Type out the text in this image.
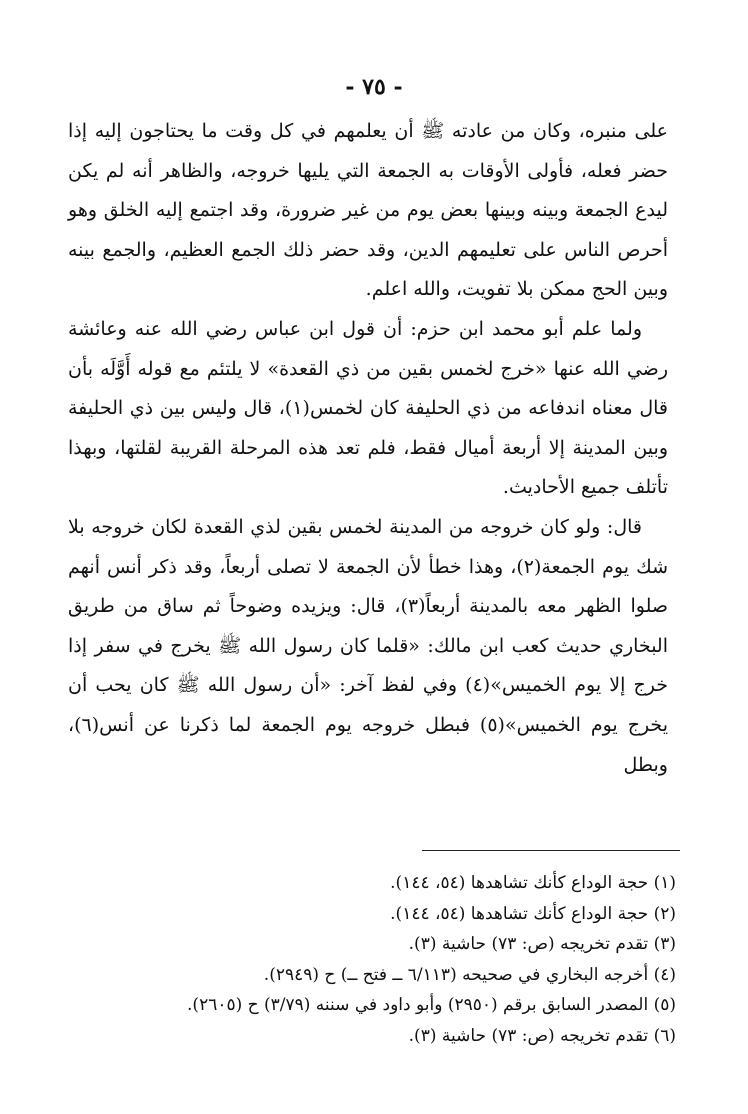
- ٧٥ -

على منبره، وكان من عادته ﷺ أن يعلمهم في كل وقت ما يحتاجون إليه إذا حضر فعله، فأولى الأوقات به الجمعة التي يليها خروجه، والظاهر أنه لم يكن ليدع الجمعة وبينه وبينها بعض يوم من غير ضرورة، وقد اجتمع إليه الخلق وهو أحرص الناس على تعليمهم الدين، وقد حضر ذلك الجمع العظيم، والجمع بينه وبين الحج ممكن بلا تفويت، والله اعلم.

ولما علم أبو محمد ابن حزم: أن قول ابن عباس رضي الله عنه وعائشة رضي الله عنها «خرج لخمس بقين من ذي القعدة» لا يلتئم مع قوله أَوَّلَه بأن قال معناه اندفاعه من ذي الحليفة كان لخمس(١)، قال وليس بين ذي الحليفة وبين المدينة إلا أربعة أميال فقط، فلم تعد هذه المرحلة القريبة لقلتها، وبهذا تأتلف جميع الأحاديث.

قال: ولو كان خروجه من المدينة لخمس بقين لذي القعدة لكان خروجه بلا شك يوم الجمعة(٢)، وهذا خطأ لأن الجمعة لا تصلى أربعاً، وقد ذكر أنس أنهم صلوا الظهر معه بالمدينة أربعاً(٣)، قال: ويزيده وضوحاً ثم ساق من طريق البخاري حديث كعب ابن مالك: «قلما كان رسول الله ﷺ يخرج في سفر إذا خرج إلا يوم الخميس»(٤) وفي لفظ آخر: «أن رسول الله ﷺ كان يحب أن يخرج يوم الخميس»(٥) فبطل خروجه يوم الجمعة لما ذكرنا عن أنس(٦)، وبطل

(١) حجة الوداع كأنك تشاهدها (٥٤، ١٤٤).
(٢) حجة الوداع كأنك تشاهدها (٥٤، ١٤٤).
(٣) تقدم تخريجه (ص: ٧٣) حاشية (٣).
(٤) أخرجه البخاري في صحيحه (٦/١١٣ ــ فتح ــ) ح (٢٩٤٩).
(٥) المصدر السابق برقم (٢٩٥٠) وأبو داود في سننه (٣/٧٩) ح (٢٦٠٥).
(٦) تقدم تخريجه (ص: ٧٣) حاشية (٣).
